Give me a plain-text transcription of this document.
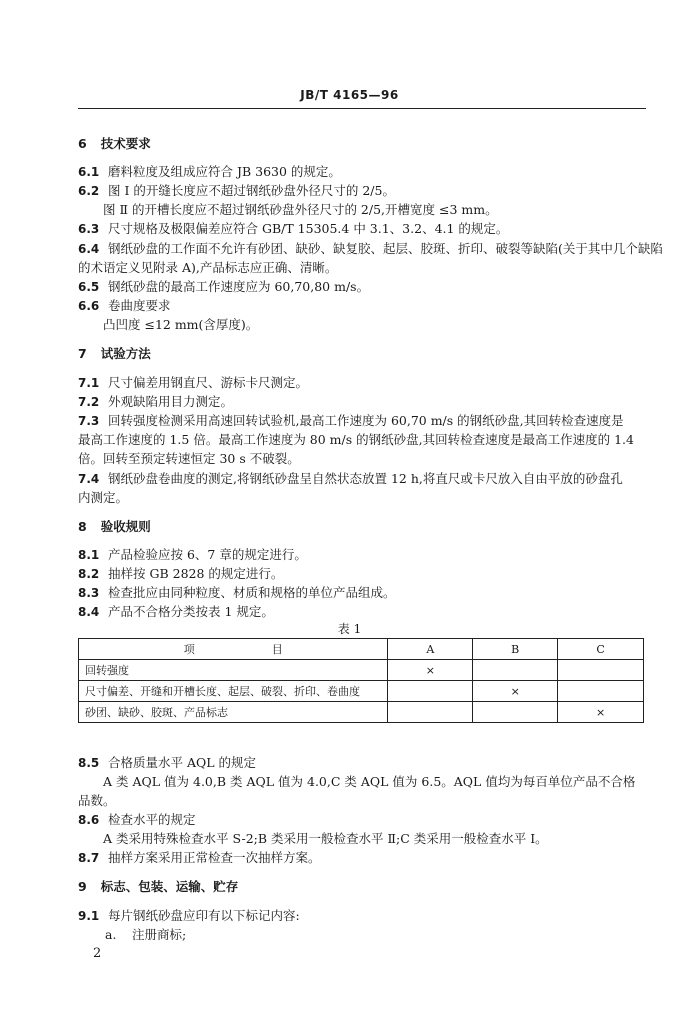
JB/T 4165—96
6 技术要求
6.1 磨料粒度及组成应符合 JB 3630 的规定。
6.2 图 I 的开缝长度应不超过钢纸砂盘外径尺寸的 2/5。
图 Ⅱ 的开槽长度应不超过钢纸砂盘外径尺寸的 2/5,开槽宽度 ≤3 mm。
6.3 尺寸规格及极限偏差应符合 GB/T 15305.4 中 3.1、3.2、4.1 的规定。
6.4 钢纸砂盘的工作面不允许有砂团、缺砂、缺复胶、起层、胶斑、折印、破裂等缺陷(关于其中几个缺陷
的术语定义见附录 A),产品标志应正确、清晰。
6.5 钢纸砂盘的最高工作速度应为 60,70,80 m/s。
6.6 卷曲度要求
凸凹度 ≤12 mm(含厚度)。
7 试验方法
7.1 尺寸偏差用钢直尺、游标卡尺测定。
7.2 外观缺陷用目力测定。
7.3 回转强度检测采用高速回转试验机,最高工作速度为 60,70 m/s 的钢纸砂盘,其回转检查速度是
最高工作速度的 1.5 倍。最高工作速度为 80 m/s 的钢纸砂盘,其回转检查速度是最高工作速度的 1.4
倍。回转至预定转速恒定 30 s 不破裂。
7.4 钢纸砂盘卷曲度的测定,将钢纸砂盘呈自然状态放置 12 h,将直尺或卡尺放入自由平放的砂盘孔
内测定。
8 验收规则
8.1 产品检验应按 6、7 章的规定进行。
8.2 抽样按 GB 2828 的规定进行。
8.3 检查批应由同种粒度、材质和规格的单位产品组成。
8.4 产品不合格分类按表 1 规定。
表 1
项　　　　　　　目	A	B	C
回转强度	×		
尺寸偏差、开缝和开槽长度、起层、破裂、折印、卷曲度		×	
砂团、缺砂、胶斑、产品标志			×
8.5 合格质量水平 AQL 的规定
A 类 AQL 值为 4.0,B 类 AQL 值为 4.0,C 类 AQL 值为 6.5。AQL 值均为每百单位产品不合格
品数。
8.6 检查水平的规定
A 类采用特殊检查水平 S-2;B 类采用一般检查水平 Ⅱ;C 类采用一般检查水平 Ⅰ。
8.7 抽样方案采用正常检查一次抽样方案。
9 标志、包装、运输、贮存
9.1 每片钢纸砂盘应印有以下标记内容:
a. 注册商标;
2
